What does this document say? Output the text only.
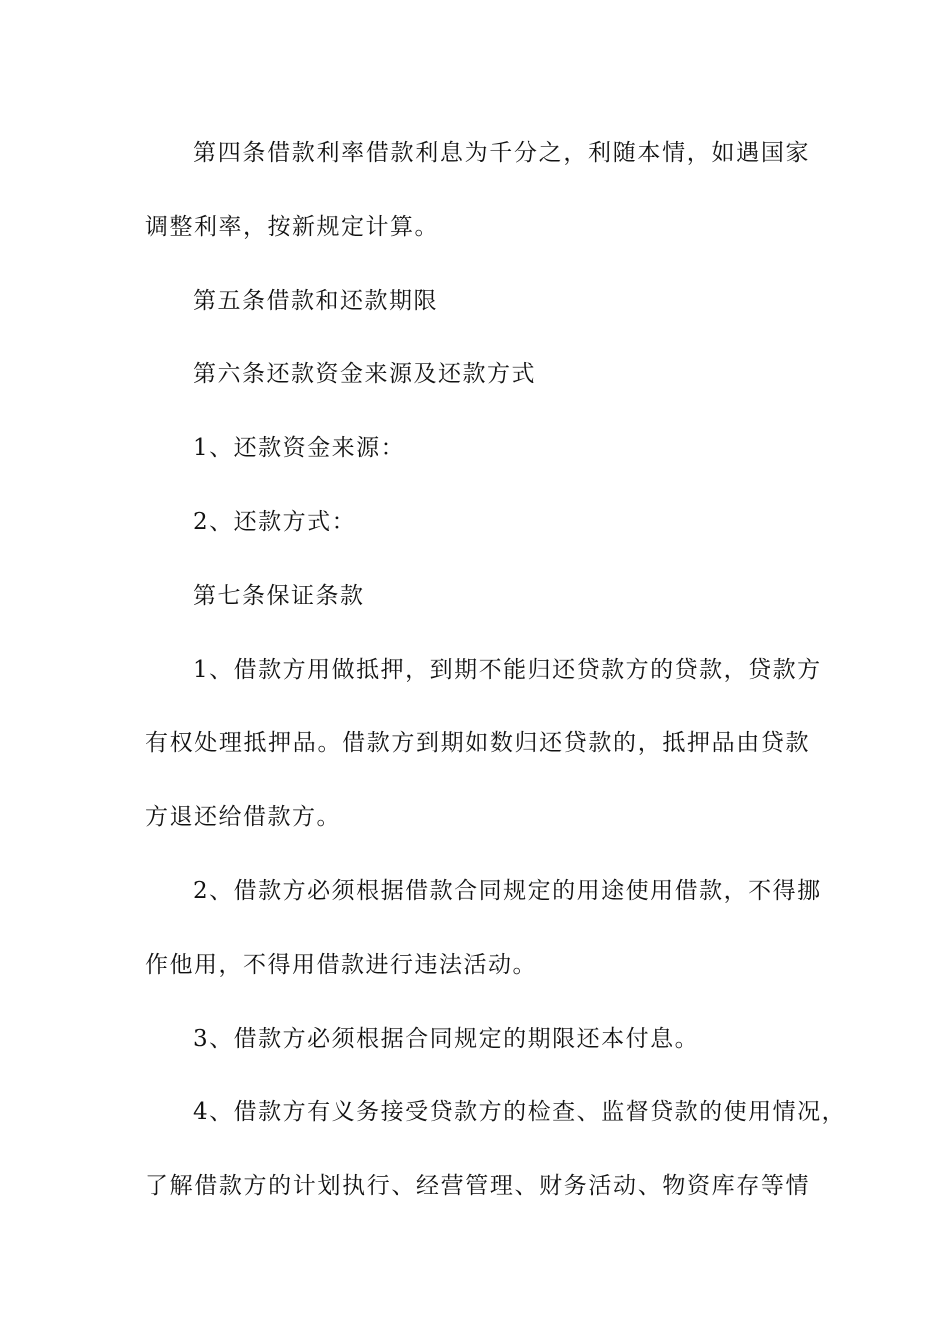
第四条借款利率借款利息为千分之，利随本情，如遇国家
调整利率，按新规定计算。
第五条借款和还款期限
第六条还款资金来源及还款方式
1、还款资金来源：
2、还款方式：
第七条保证条款
1、借款方用做抵押，到期不能归还贷款方的贷款，贷款方
有权处理抵押品。借款方到期如数归还贷款的，抵押品由贷款
方退还给借款方。
2、借款方必须根据借款合同规定的用途使用借款，不得挪
作他用，不得用借款进行违法活动。
3、借款方必须根据合同规定的期限还本付息。
4、借款方有义务接受贷款方的检查、监督贷款的使用情况，
了解借款方的计划执行、经营管理、财务活动、物资库存等情
